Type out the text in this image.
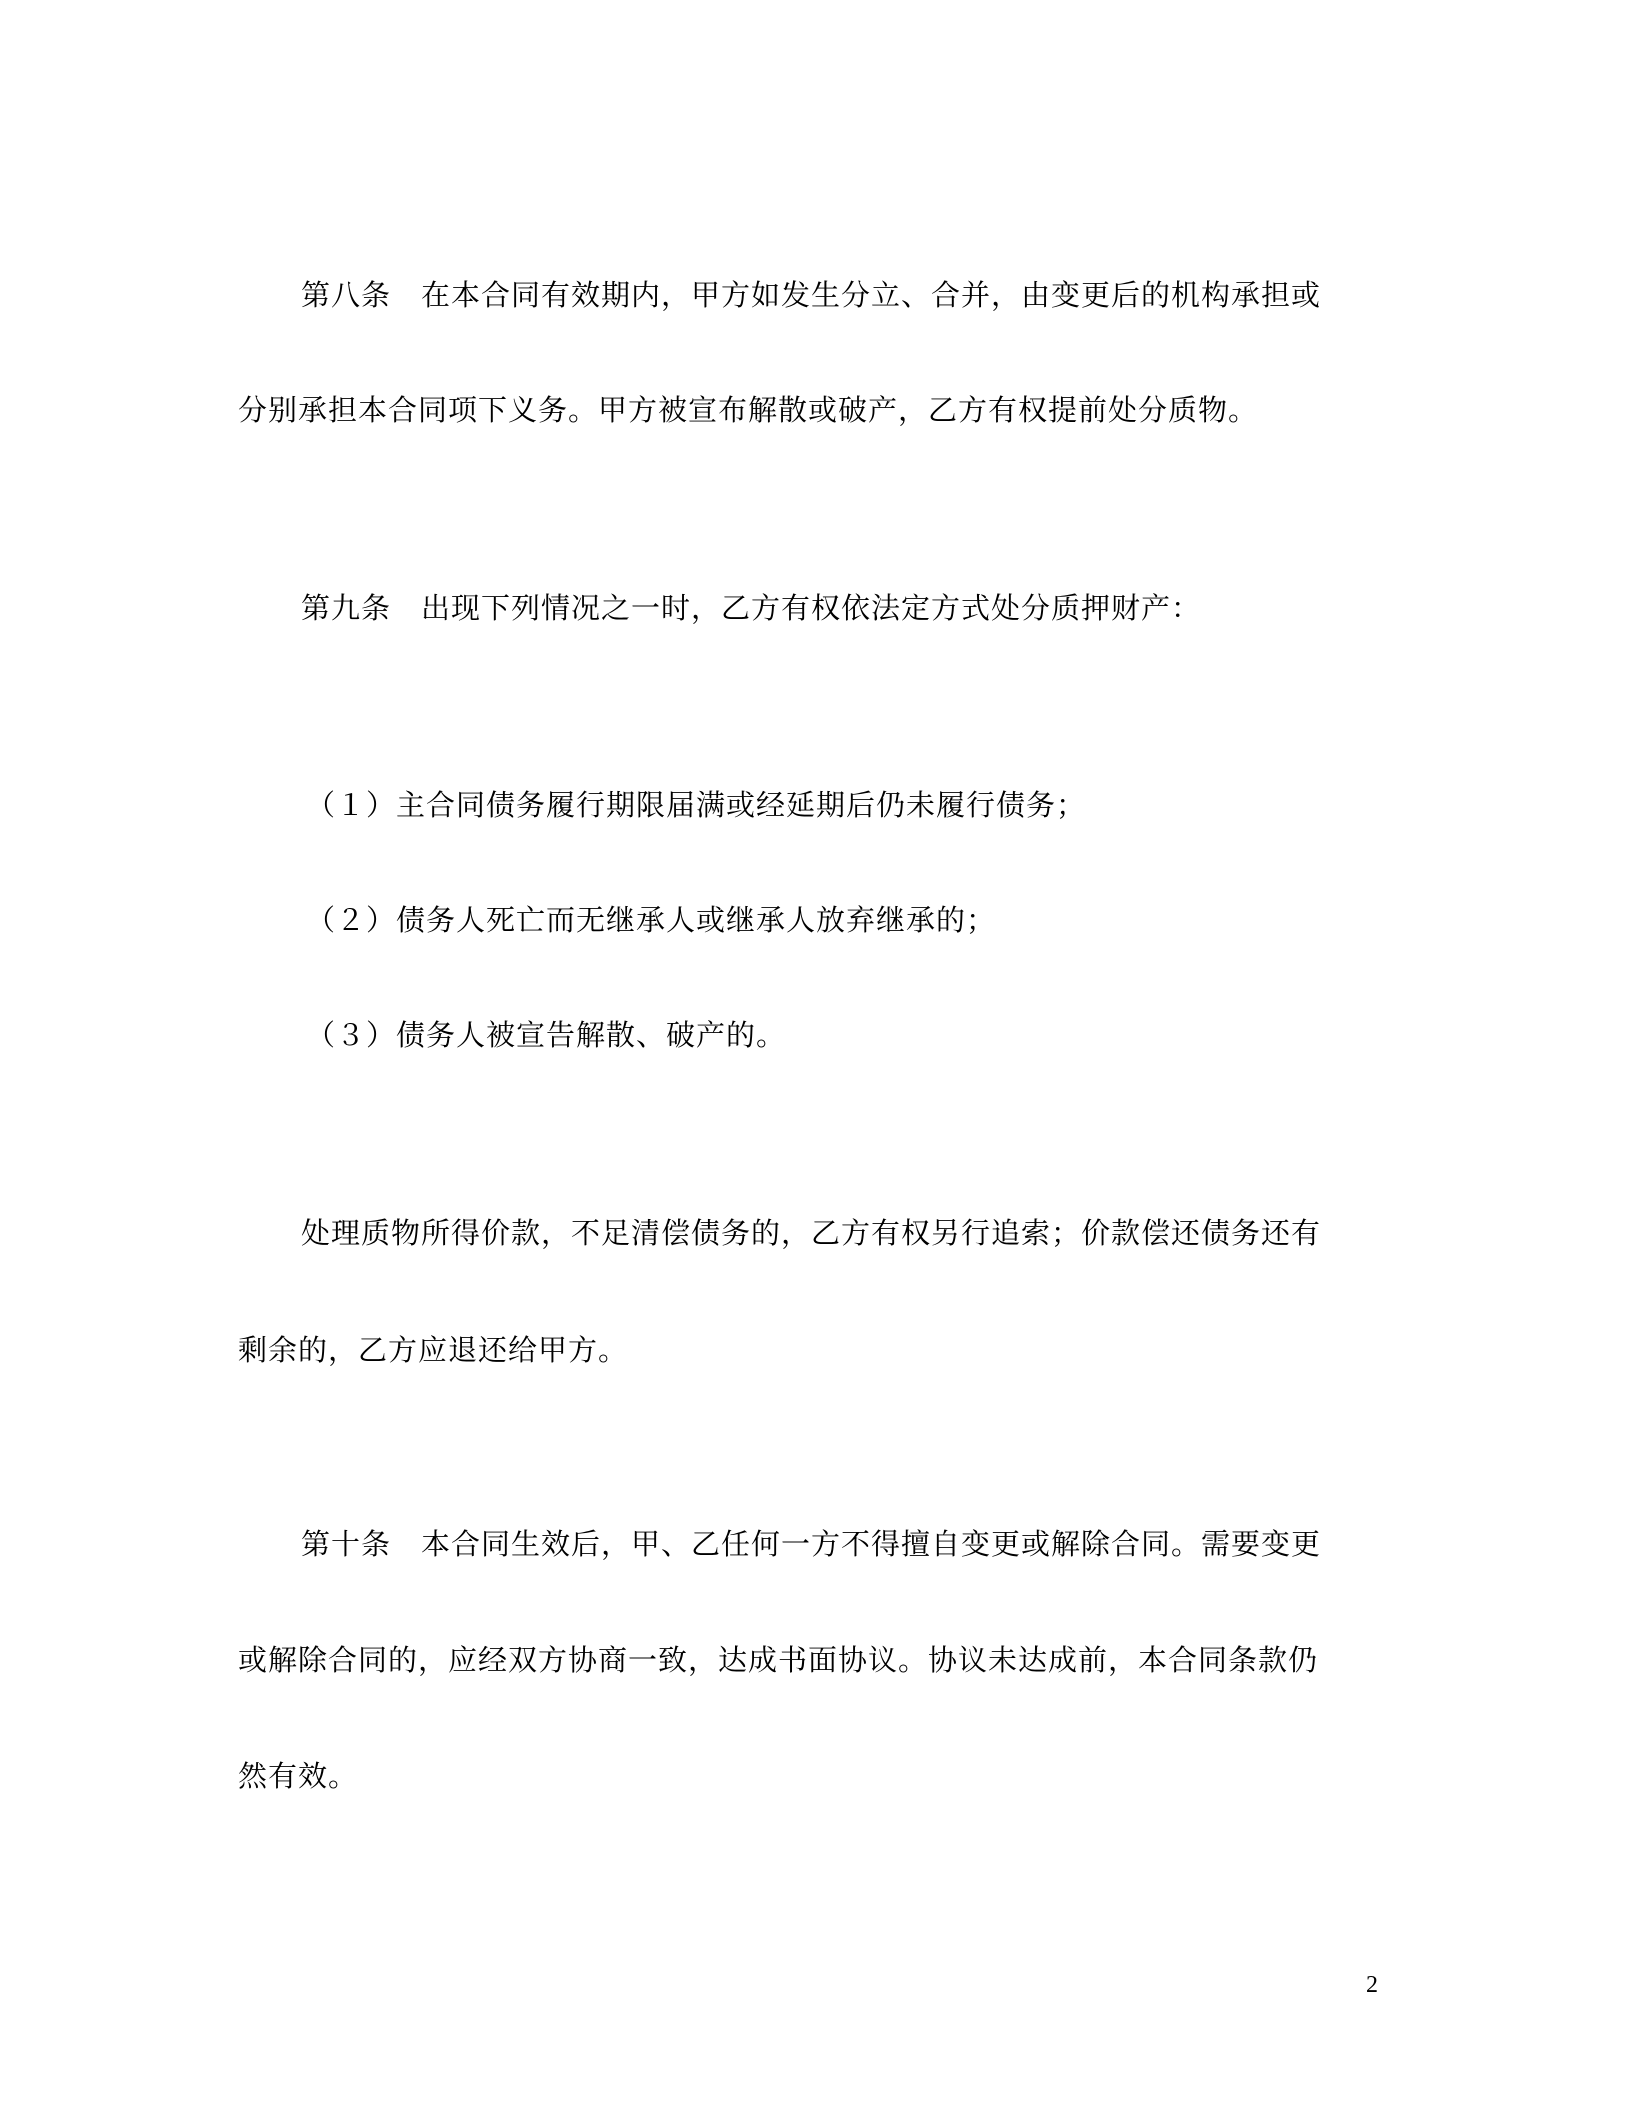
第八条　在本合同有效期内，甲方如发生分立、合并，由变更后的机构承担或
分别承担本合同项下义务。甲方被宣布解散或破产，乙方有权提前处分质物。
第九条　出现下列情况之一时，乙方有权依法定方式处分质押财产：
（１）主合同债务履行期限届满或经延期后仍未履行债务；
（２）债务人死亡而无继承人或继承人放弃继承的；
（３）债务人被宣告解散、破产的。
处理质物所得价款，不足清偿债务的，乙方有权另行追索；价款偿还债务还有
剩余的，乙方应退还给甲方。
第十条　本合同生效后，甲、乙任何一方不得擅自变更或解除合同。需要变更
或解除合同的，应经双方协商一致，达成书面协议。协议未达成前，本合同条款仍
然有效。
2
